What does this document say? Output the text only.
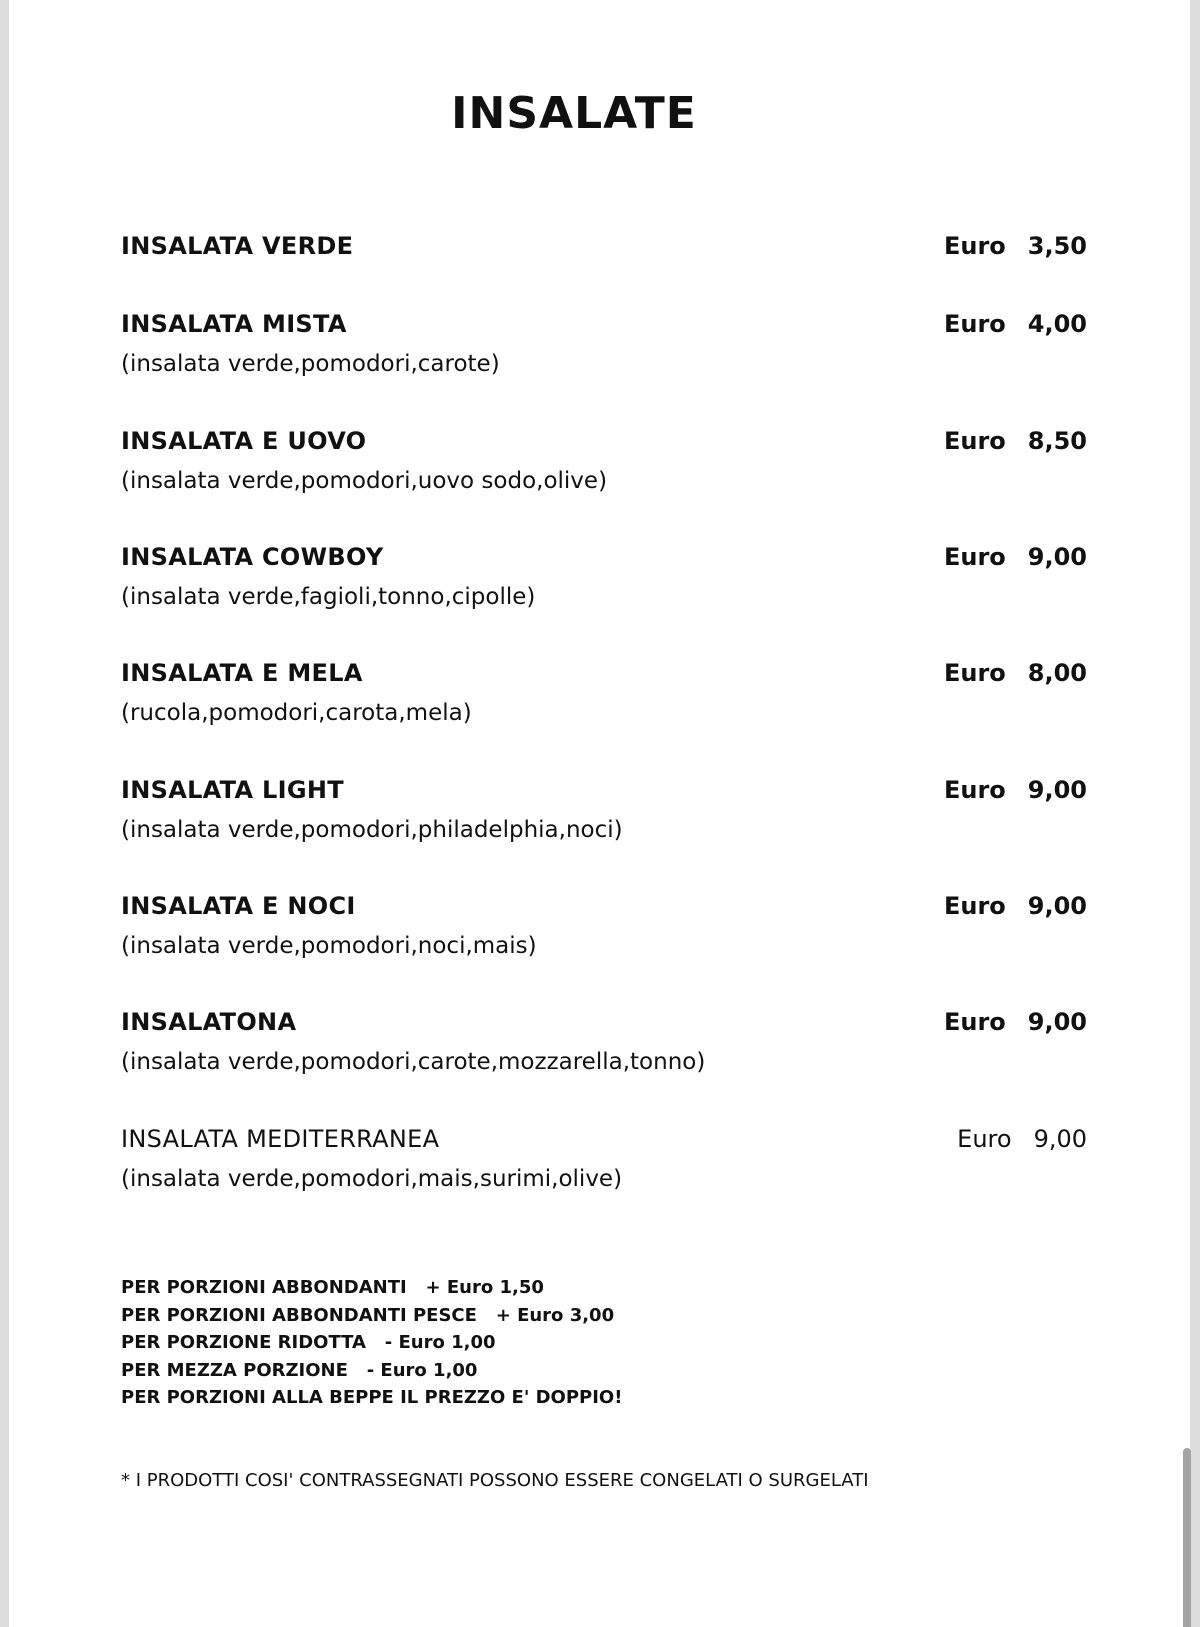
INSALATE
INSALATA VERDE	Euro 3,50
INSALATA MISTA
(insalata verde,pomodori,carote)
Euro 4,00
INSALATA E UOVO
(insalata verde,pomodori,uovo sodo,olive)
Euro 8,50
INSALATA COWBOY
(insalata verde,fagioli,tonno,cipolle)
Euro 9,00
INSALATA E MELA
(rucola,pomodori,carota,mela)
Euro 8,00
INSALATA LIGHT
(insalata verde,pomodori,philadelphia,noci)
Euro 9,00
INSALATA E NOCI
(insalata verde,pomodori,noci,mais)
Euro 9,00
INSALATONA
(insalata verde,pomodori,carote,mozzarella,tonno)
Euro 9,00
INSALATA MEDITERRANEA
(insalata verde,pomodori,mais,surimi,olive)
Euro 9,00
PER PORZIONI ABBONDANTI   + Euro 1,50
PER PORZIONI ABBONDANTI PESCE   + Euro 3,00
PER PORZIONE RIDOTTA   - Euro 1,00
PER MEZZA PORZIONE   - Euro 1,00
PER PORZIONI ALLA BEPPE IL PREZZO E' DOPPIO!
* I PRODOTTI COSI' CONTRASSEGNATI POSSONO ESSERE CONGELATI O SURGELATI
